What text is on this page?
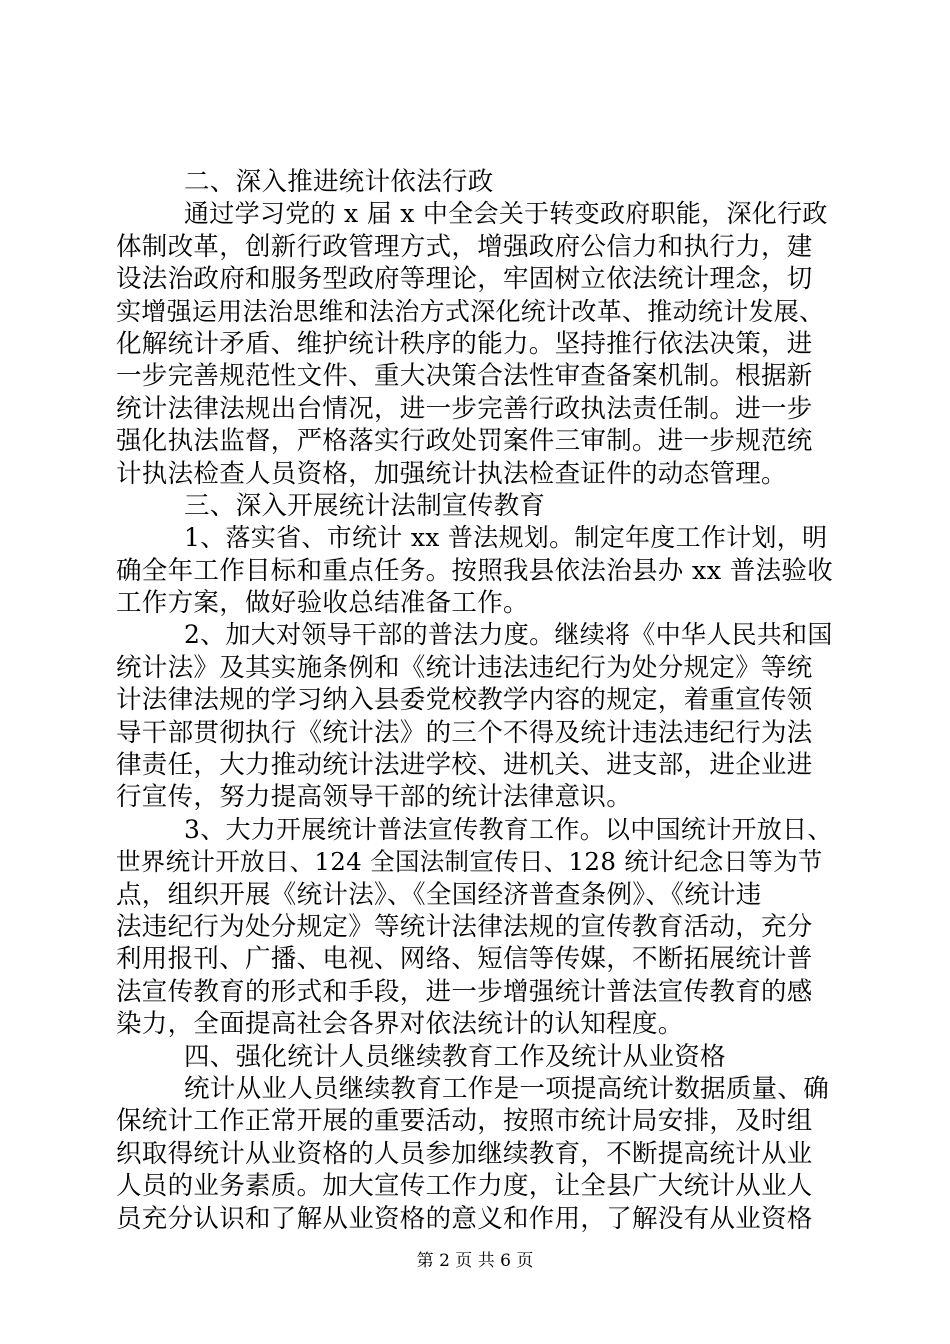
二、深入推进统计依法行政
通过学习党的 x 届 x 中全会关于转变政府职能，深化行政
体制改革，创新行政管理方式，增强政府公信力和执行力，建
设法治政府和服务型政府等理论，牢固树立依法统计理念，切
实增强运用法治思维和法治方式深化统计改革、推动统计发展、
化解统计矛盾、维护统计秩序的能力。坚持推行依法决策，进
一步完善规范性文件、重大决策合法性审查备案机制。根据新
统计法律法规出台情况，进一步完善行政执法责任制。进一步
强化执法监督，严格落实行政处罚案件三审制。进一步规范统
计执法检查人员资格，加强统计执法检查证件的动态管理。
三、深入开展统计法制宣传教育
1、落实省、市统计 xx 普法规划。制定年度工作计划，明
确全年工作目标和重点任务。按照我县依法治县办 xx 普法验收
工作方案，做好验收总结准备工作。
2、加大对领导干部的普法力度。继续将《中华人民共和国
统计法》及其实施条例和《统计违法违纪行为处分规定》等统
计法律法规的学习纳入县委党校教学内容的规定，着重宣传领
导干部贯彻执行《统计法》的三个不得及统计违法违纪行为法
律责任，大力推动统计法进学校、进机关、进支部，进企业进
行宣传，努力提高领导干部的统计法律意识。
3、大力开展统计普法宣传教育工作。以中国统计开放日、
世界统计开放日、124 全国法制宣传日、128 统计纪念日等为节
点，组织开展《统计法》、《全国经济普查条例》、《统计违
法违纪行为处分规定》等统计法律法规的宣传教育活动，充分
利用报刊、广播、电视、网络、短信等传媒，不断拓展统计普
法宣传教育的形式和手段，进一步增强统计普法宣传教育的感
染力，全面提高社会各界对依法统计的认知程度。
四、强化统计人员继续教育工作及统计从业资格
统计从业人员继续教育工作是一项提高统计数据质量、确
保统计工作正常开展的重要活动，按照市统计局安排，及时组
织取得统计从业资格的人员参加继续教育，不断提高统计从业
人员的业务素质。加大宣传工作力度，让全县广大统计从业人
员充分认识和了解从业资格的意义和作用，了解没有从业资格
第 2 页 共 6 页
